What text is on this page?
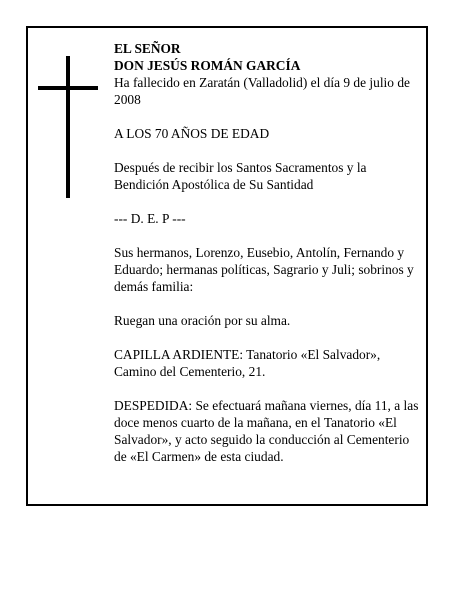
EL SEÑOR

DON JESÚS ROMÁN GARCÍA

Ha fallecido en Zaratán (Valladolid) el día 9 de julio de 2008

A LOS 70 AÑOS DE EDAD

Después de recibir los Santos Sacramentos y la Bendición Apostólica de Su Santidad

--- D. E. P ---

Sus hermanos, Lorenzo, Eusebio, Antolín, Fernando y Eduardo; hermanas políticas, Sagrario y Juli; sobrinos y demás familia:

Ruegan una oración por su alma.

CAPILLA ARDIENTE: Tanatorio «El Salvador», Camino del Cementerio, 21.

DESPEDIDA: Se efectuará mañana viernes, día 11, a las doce menos cuarto de la mañana, en el Tanatorio «El Salvador», y acto seguido la conducción al Cementerio de «El Carmen» de esta ciudad.
